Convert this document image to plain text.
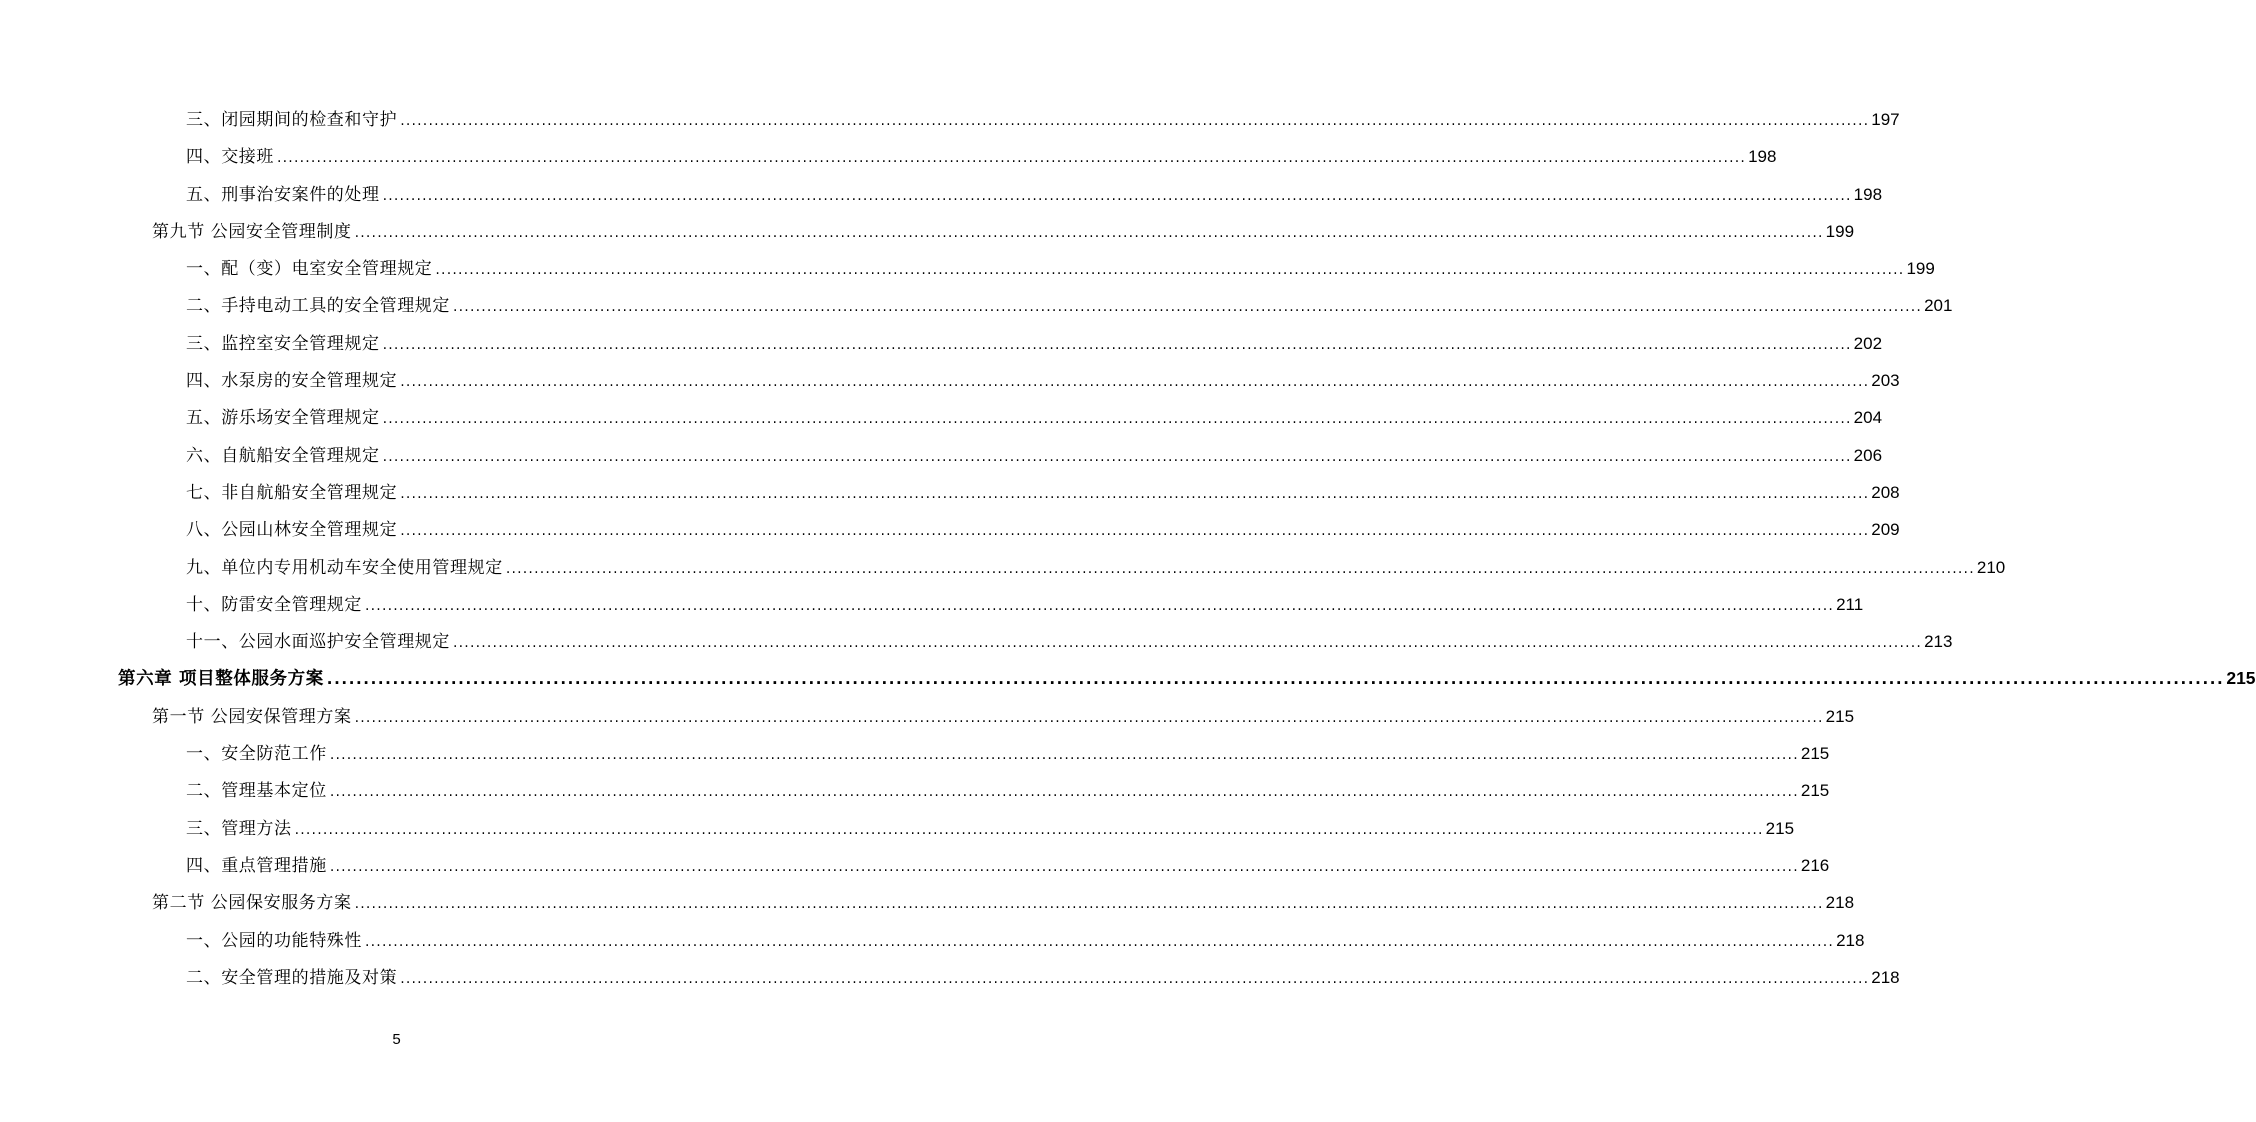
三、闭园期间的检查和守护 .................................................................................................................................................................................................................................................................... 197
四、交接班 .................................................................................................................................................................................................................................................................... 198
五、刑事治安案件的处理 .................................................................................................................................................................................................................................................................... 198
第九节 公园安全管理制度 .................................................................................................................................................................................................................................................................... 199
一、配（变）电室安全管理规定 .................................................................................................................................................................................................................................................................... 199
二、手持电动工具的安全管理规定 .................................................................................................................................................................................................................................................................... 201
三、监控室安全管理规定 .................................................................................................................................................................................................................................................................... 202
四、水泵房的安全管理规定 .................................................................................................................................................................................................................................................................... 203
五、游乐场安全管理规定 .................................................................................................................................................................................................................................................................... 204
六、自航船安全管理规定 .................................................................................................................................................................................................................................................................... 206
七、非自航船安全管理规定 .................................................................................................................................................................................................................................................................... 208
八、公园山林安全管理规定 .................................................................................................................................................................................................................................................................... 209
九、单位内专用机动车安全使用管理规定 .................................................................................................................................................................................................................................................................... 210
十、防雷安全管理规定 .................................................................................................................................................................................................................................................................... 211
十一、公园水面巡护安全管理规定 .................................................................................................................................................................................................................................................................... 213
第六章 项目整体服务方案 .................................................................................................................................................................................................................................................................... 215
第一节 公园安保管理方案 .................................................................................................................................................................................................................................................................... 215
一、安全防范工作 .................................................................................................................................................................................................................................................................... 215
二、管理基本定位 .................................................................................................................................................................................................................................................................... 215
三、管理方法 .................................................................................................................................................................................................................................................................... 215
四、重点管理措施 .................................................................................................................................................................................................................................................................... 216
第二节 公园保安服务方案 .................................................................................................................................................................................................................................................................... 218
一、公园的功能特殊性 .................................................................................................................................................................................................................................................................... 218
二、安全管理的措施及对策 .................................................................................................................................................................................................................................................................... 218
5
